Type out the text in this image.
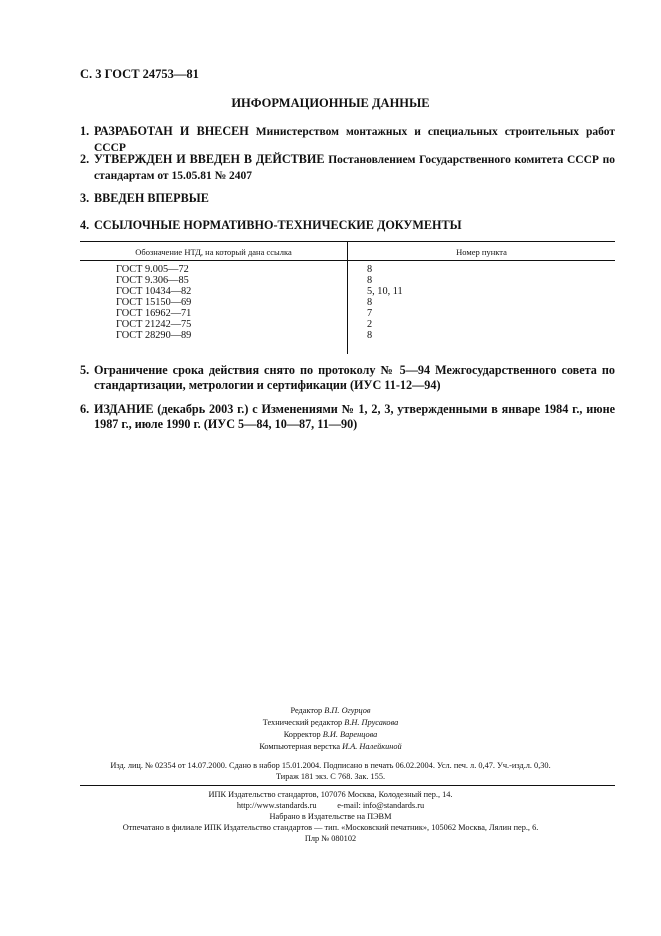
С. 3 ГОСТ 24753—81
ИНФОРМАЦИОННЫЕ ДАННЫЕ
1. РАЗРАБОТАН И ВНЕСЕН Министерством монтажных и специальных строительных работ СССР
2. УТВЕРЖДЕН И ВВЕДЕН В ДЕЙСТВИЕ Постановлением Государственного комитета СССР по стандартам от 15.05.81 № 2407
3. ВВЕДЕН ВПЕРВЫЕ
4. ССЫЛОЧНЫЕ НОРМАТИВНО-ТЕХНИЧЕСКИЕ ДОКУМЕНТЫ
Обозначение НТД, на который дана ссылка	Номер пункта
ГОСТ 9.005—72	8
ГОСТ 9.306—85	8
ГОСТ 10434—82	5, 10, 11
ГОСТ 15150—69	8
ГОСТ 16962—71	7
ГОСТ 21242—75	2
ГОСТ 28290—89	8
5. Ограничение срока действия снято по протоколу № 5—94 Межгосударственного совета по стандартизации, метрологии и сертификации (ИУС 11-12—94)
6. ИЗДАНИЕ (декабрь 2003 г.) с Изменениями № 1, 2, 3, утвержденными в январе 1984 г., июне 1987 г., июле 1990 г. (ИУС 5—84, 10—87, 11—90)
Редактор В.П. Огурцов
Технический редактор В.Н. Прусакова
Корректор В.И. Варенцова
Компьютерная верстка И.А. Налейкиной
Изд. лиц. № 02354 от 14.07.2000. Сдано в набор 15.01.2004. Подписано в печать 06.02.2004. Усл. печ. л. 0,47. Уч.-изд.л. 0,30.
Тираж 181 экз. С 768. Зак. 155.
ИПК Издательство стандартов, 107076 Москва, Колодезный пер., 14.
http://www.standards.ru	e-mail: info@standards.ru
Набрано в Издательстве на ПЭВМ
Отпечатано в филиале ИПК Издательство стандартов — тип. «Московский печатник», 105062 Москва, Лялин пер., 6.
Плр № 080102
